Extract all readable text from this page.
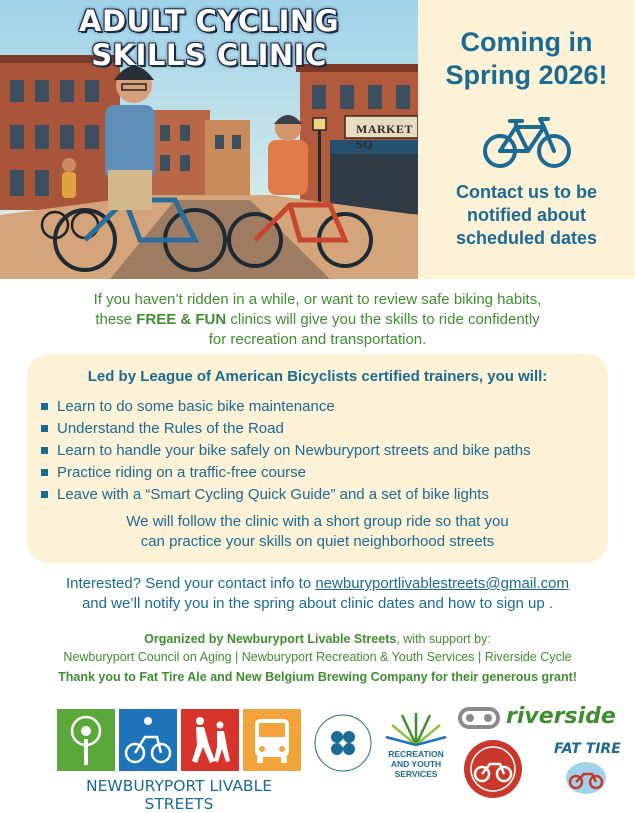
ADULT CYCLING
SKILLS CLINIC
MARKET SQ
Coming in
Spring 2026!
Contact us to be
notified about
scheduled dates
If you haven’t ridden in a while, or want to review safe biking habits,
these FREE & FUN clinics will give you the skills to ride confidently
for recreation and transportation.
Led by League of American Bicyclists certified trainers, you will:
Learn to do some basic bike maintenance
Understand the Rules of the Road
Learn to handle your bike safely on Newburyport streets and bike paths
Practice riding on a traffic-free course
Leave with a “Smart Cycling Quick Guide” and a set of bike lights
We will follow the clinic with a short group ride so that you
can practice your skills on quiet neighborhood streets
Interested? Send your contact info to newburyportlivablestreets@gmail.com
and we’ll notify you in the spring about clinic dates and how to sign up .
Organized by Newburyport Livable Streets, with support by:
Newburyport Council on Aging | Newburyport Recreation & Youth Services | Riverside Cycle
Thank you to Fat Tire Ale and New Belgium Brewing Company for their generous grant!
NEWBURYPORT LIVABLE STREETS
RECREATION
AND YOUTH
SERVICES
riverside
FAT TIRE
